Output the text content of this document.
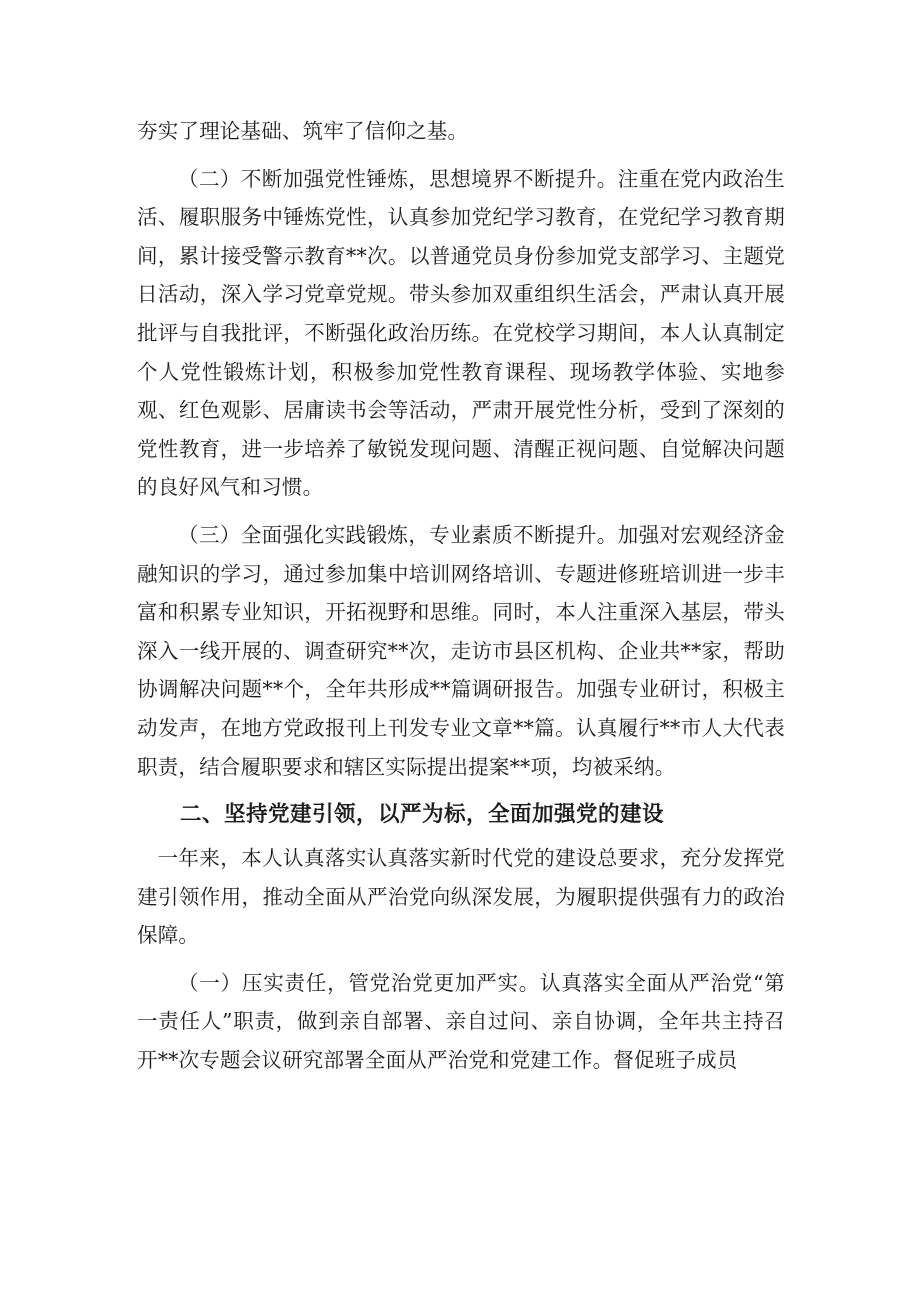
夯实了理论基础、筑牢了信仰之基。

（二）不断加强党性锤炼，思想境界不断提升。注重在党内政治生活、履职服务中锤炼党性，认真参加党纪学习教育，在党纪学习教育期间，累计接受警示教育**次。以普通党员身份参加党支部学习、主题党日活动，深入学习党章党规。带头参加双重组织生活会，严肃认真开展批评与自我批评，不断强化政治历练。在党校学习期间，本人认真制定个人党性锻炼计划，积极参加党性教育课程、现场教学体验、实地参观、红色观影、居庸读书会等活动，严肃开展党性分析，受到了深刻的党性教育，进一步培养了敏锐发现问题、清醒正视问题、自觉解决问题的良好风气和习惯。

（三）全面强化实践锻炼，专业素质不断提升。加强对宏观经济金融知识的学习，通过参加集中培训网络培训、专题进修班培训进一步丰富和积累专业知识，开拓视野和思维。同时，本人注重深入基层，带头深入一线开展的、调查研究**次，走访市县区机构、企业共**家，帮助协调解决问题**个，全年共形成**篇调研报告。加强专业研讨，积极主动发声，在地方党政报刊上刊发专业文章**篇。认真履行**市人大代表职责，结合履职要求和辖区实际提出提案**项，均被采纳。

二、坚持党建引领，以严为标，全面加强党的建设

一年来，本人认真落实认真落实新时代党的建设总要求，充分发挥党建引领作用，推动全面从严治党向纵深发展，为履职提供强有力的政治保障。

（一）压实责任，管党治党更加严实。认真落实全面从严治党“第一责任人”职责，做到亲自部署、亲自过问、亲自协调，全年共主持召开**次专题会议研究部署全面从严治党和党建工作。督促班子成员
